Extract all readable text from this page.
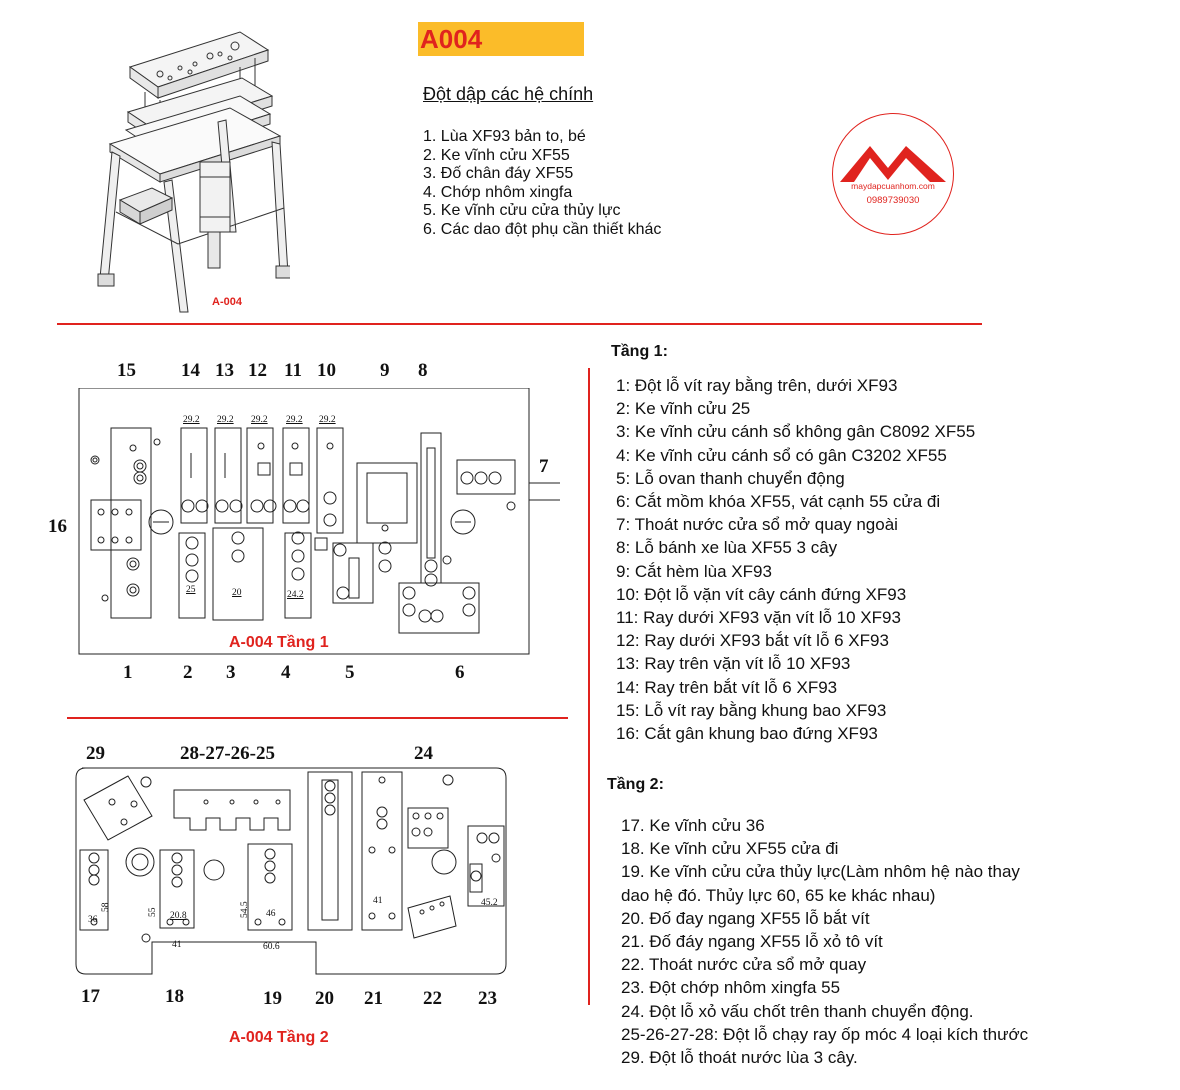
A004
Đột dập các hệ chính
1. Lùa XF93 bản to, bé
2. Ke vĩnh cửu XF55
3. Đố chân đáy XF55
4. Chớp nhôm xingfa
5. Ke vĩnh cửu cửa thủy lực
6. Các dao đột phụ cần thiết khác
maydapcuanhom.com
0989739030
A-004
15 14 13 12 11 10 9 8
29.2 29.2 29.2 29.2 29.2
25	20	24.2
16
7
A-004 Tầng 1
1	2 3 4	5	6
29	28-27-26-25	24
36
58
55 20.8
41
54.5 46
60.6
41	45.2
17	18	19 20 21 22 23
A-004 Tầng 2
Tầng 1:
1: Đột lỗ vít ray bằng trên, dưới XF93
2: Ke vĩnh cửu 25
3: Ke vĩnh cửu cánh sổ không gân C8092 XF55
4: Ke vĩnh cửu cánh sổ có gân C3202 XF55
5: Lỗ ovan thanh chuyển động
6: Cắt mồm khóa XF55, vát cạnh 55 cửa đi
7: Thoát nước cửa sổ mở quay ngoài
8: Lỗ bánh xe lùa XF55 3 cây
9: Cắt hèm lùa XF93
10: Đột lỗ vặn vít cây cánh đứng XF93
11: Ray dưới XF93 vặn vít lỗ 10 XF93
12: Ray dưới XF93 bắt vít lỗ 6 XF93
13: Ray trên vặn vít lỗ 10 XF93
14: Ray trên bắt vít lỗ 6 XF93
15: Lỗ vít ray bằng khung bao XF93
16: Cắt gân khung bao đứng XF93
Tầng 2:
17. Ke vĩnh cửu 36
18. Ke vĩnh cửu XF55 cửa đi
19. Ke vĩnh cửu cửa thủy lực(Làm nhôm hệ nào thay
dao hệ đó. Thủy lực 60, 65 ke khác nhau)
20. Đố đay ngang XF55 lỗ bắt vít
21. Đố đáy ngang XF55 lỗ xỏ tô vít
22. Thoát nước cửa sổ mở quay
23. Đột chớp nhôm xingfa 55
24. Đột lỗ xỏ vấu chốt trên thanh chuyển động.
25-26-27-28: Đột lỗ chạy ray ốp móc 4 loại kích thước
29. Đột lỗ thoát nước lùa 3 cây.
